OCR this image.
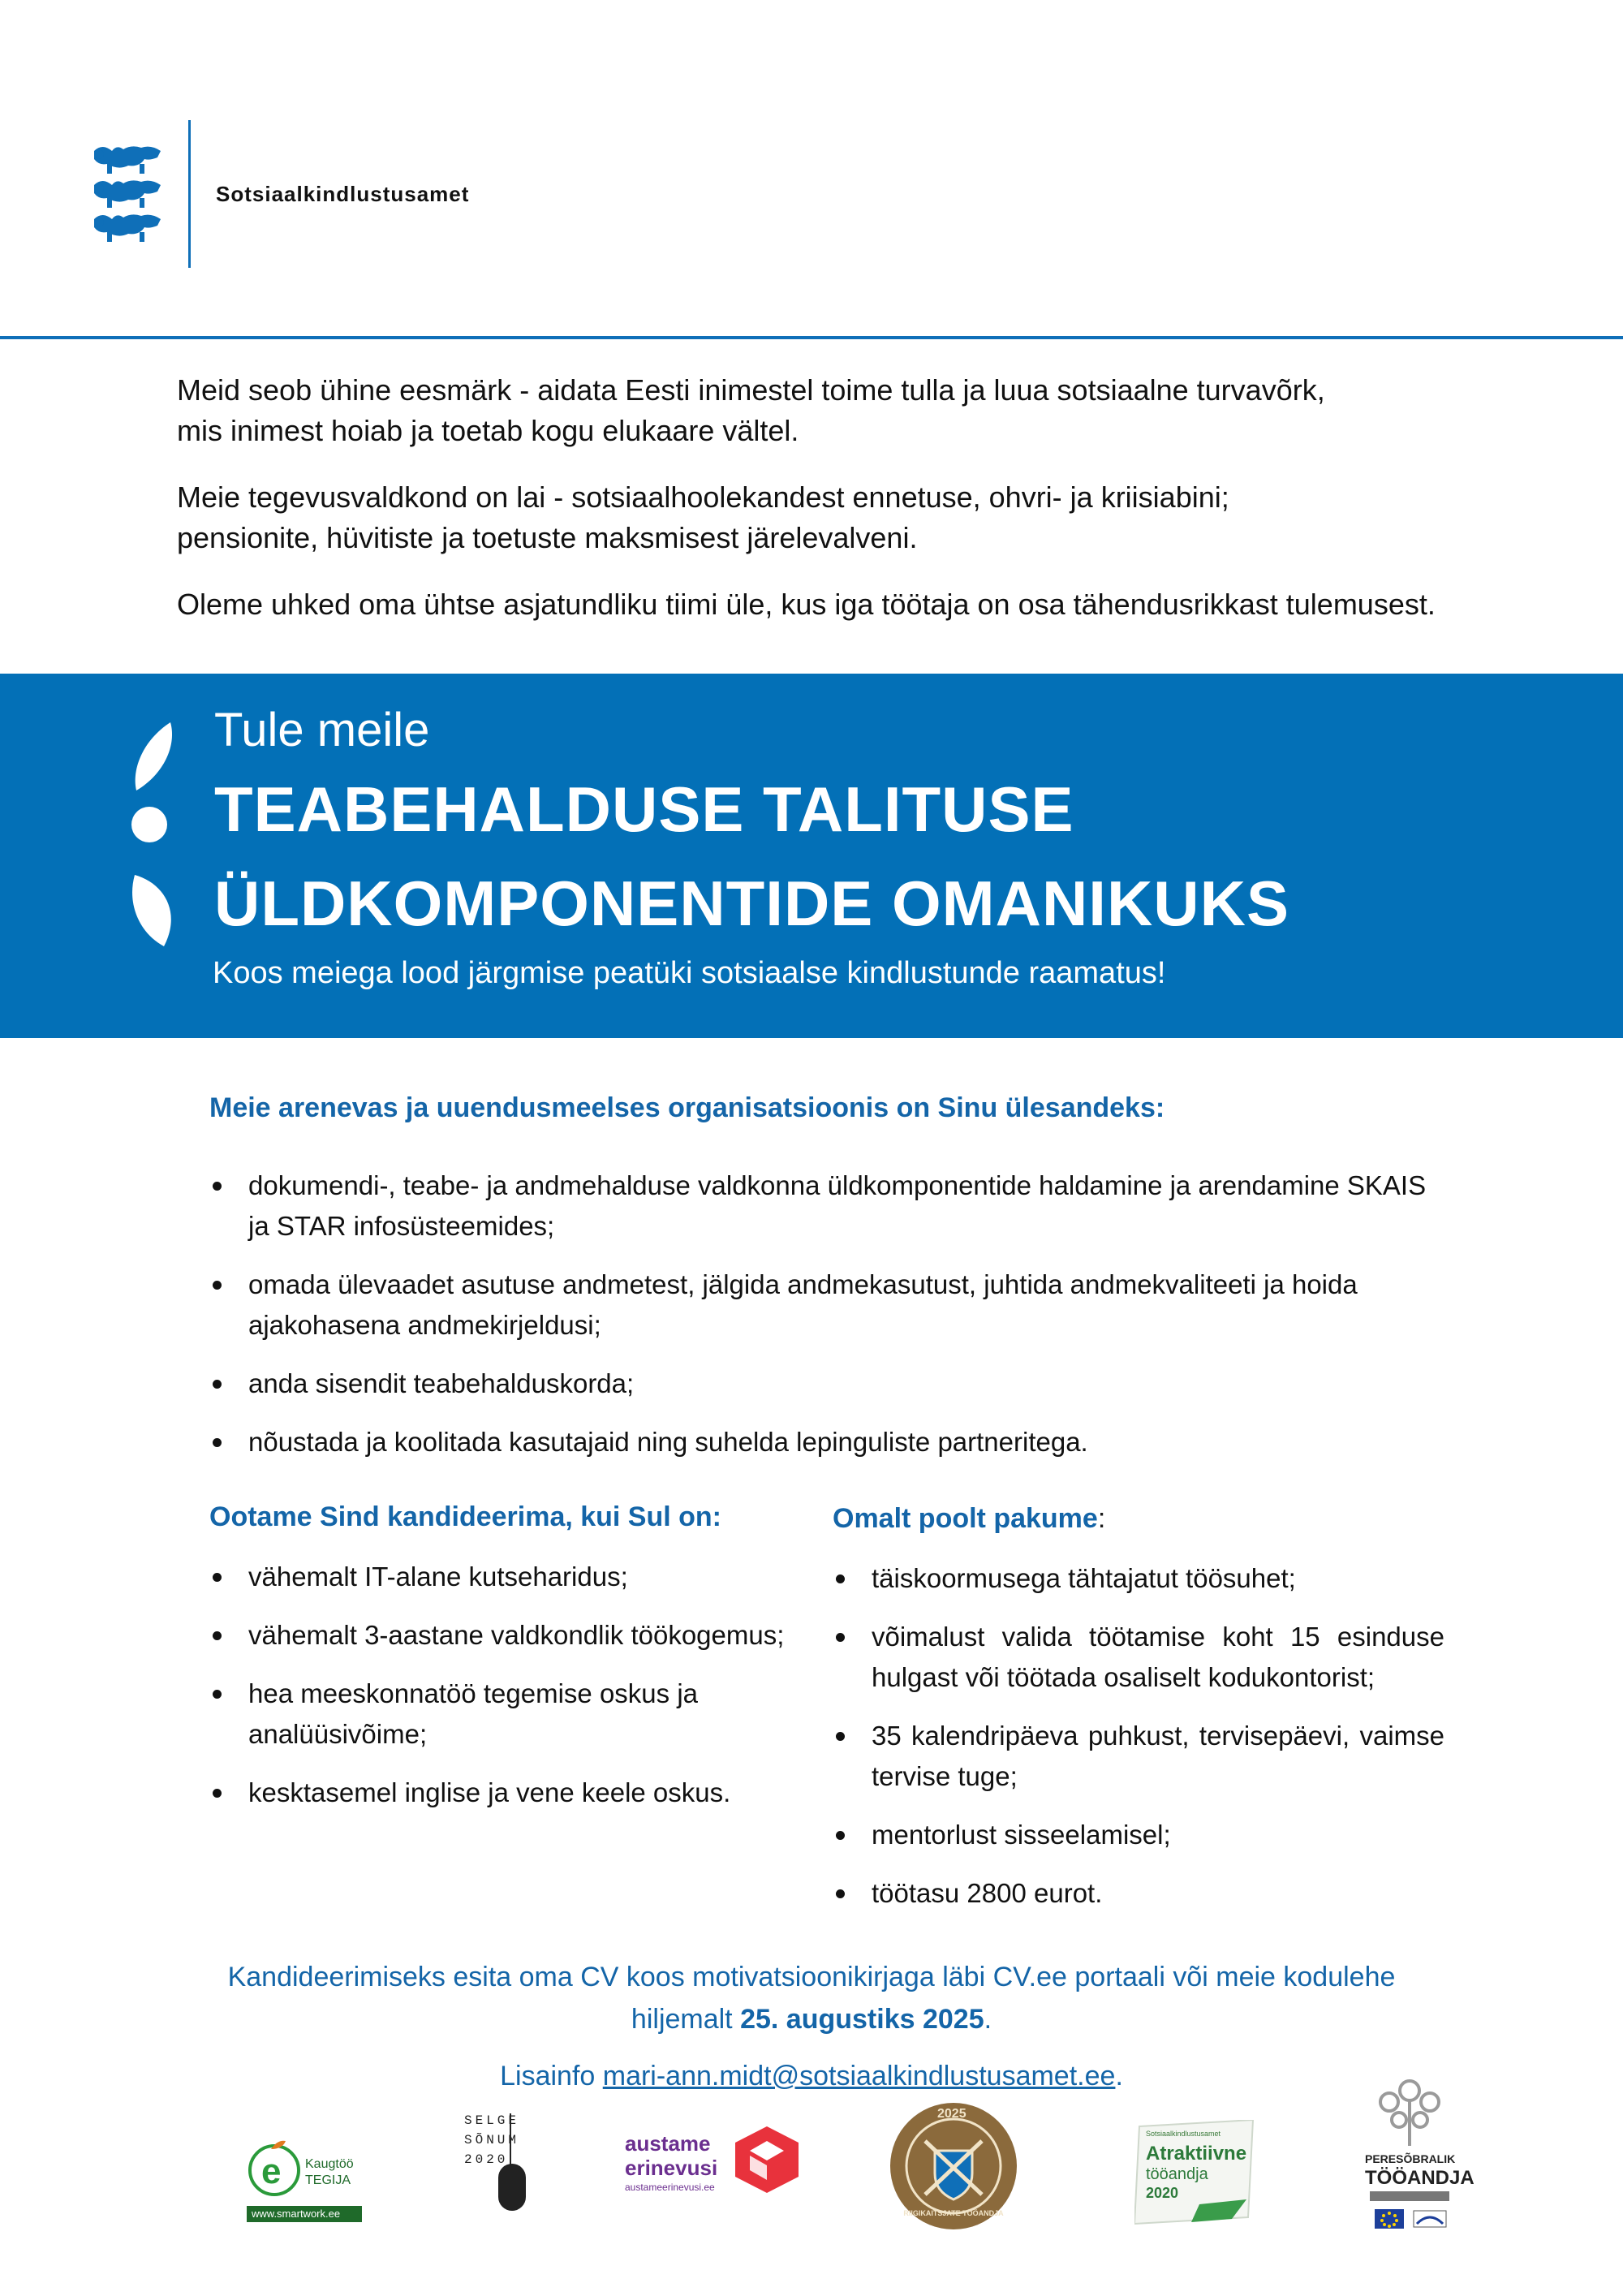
Sotsiaalkindlustusamet

Meid seob ühine eesmärk - aidata Eesti inimestel toime tulla ja luua sotsiaalne turvavõrk,

mis inimest hoiab ja toetab kogu elukaare vältel.

Meie tegevusvaldkond on lai - sotsiaalhoolekandest ennetuse, ohvri- ja kriisiabini;

pensionite, hüvitiste ja toetuste maksmisest järelevalveni.

Oleme uhked oma ühtse asjatundliku tiimi üle, kus iga töötaja on osa tähendusrikkast tulemusest.

Tule meile
TEABEHALDUSE TALITUSE
ÜLDKOMPONENTIDE OMANIKUKS
Koos meiega lood järgmise peatüki sotsiaalse kindlustunde raamatus!
Meie arenevas ja uuendusmeelses organisatsioonis on Sinu ülesandeks:
dokumendi-, teabe- ja andmehalduse valdkonna üldkomponentide haldamine ja arendamine SKAIS ja STAR infosüsteemides;
omada ülevaadet asutuse andmetest, jälgida andmekasutust, juhtida andmekvaliteeti ja hoida ajakohasena andmekirjeldusi;
anda sisendit teabehalduskorda;
nõustada ja koolitada kasutajaid ning suhelda lepinguliste partneritega.
Ootame Sind kandideerima, kui Sul on:
vähemalt IT-alane kutseharidus;
vähemalt 3-aastane valdkondlik töökogemus;
hea meeskonnatöö tegemise oskus ja analüüsivõime;
kesktasemel inglise ja vene keele oskus.
Omalt poolt pakume:
täiskoormusega tähtajatut töösuhet;
võimalust valida töötamise koht 15 esinduse hulgast või töötada osaliselt kodukontorist;
35 kalendripäeva puhkust, tervisepäevi, vaimse tervise tuge;
mentorlust sisseelamisel;
töötasu 2800 eurot.
Kandideerimiseks esita oma CV koos motivatsioonikirjaga läbi CV.ee portaali või meie kodulehe
hiljemalt 25. augustiks 2025.
Lisainfo mari-ann.midt@sotsiaalkindlustusamet.ee.
e Kaugtöö
TEGIJA
www.smartwork.ee
SELGE
SÕNUM
2020
austame
erinevusi
austameerinevusi.ee
2025
RIIGIKAITSJATE TÖÖANDJA
Sotsiaalkindlustusamet
Atraktiivne
tööandja
2020
PERESÕBRALIK
TÖÖANDJA
